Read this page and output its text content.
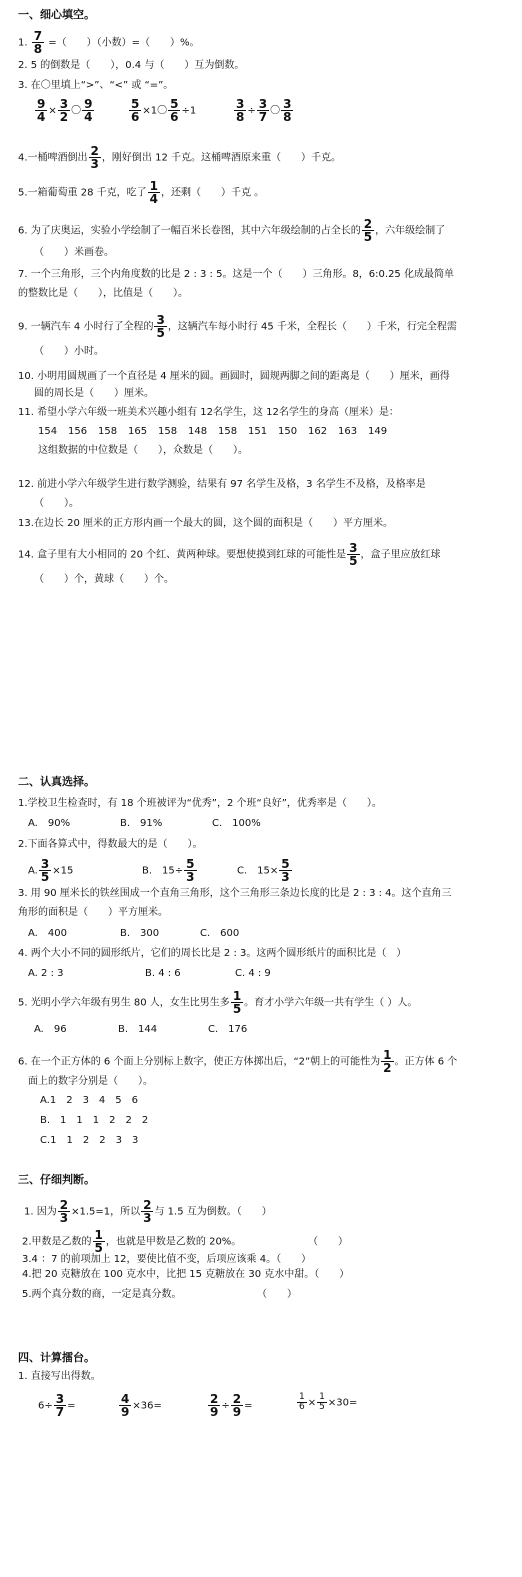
一、细心填空。
1. $\frac{7}{8}$ =（　　）（小数）=（　　）%。
2. 5 的倒数是（　　），0.4 与（　　）互为倒数。
3. 在〇里填上“>”、“<” 或 “=”。
$\frac{9}{4} \times \frac{3}{2}$ 〇 $\frac{9}{4}$	$\frac{5}{6} \times 1$〇 $\frac{5}{6} \div 1$	$\frac{3}{8} \div \frac{3}{7}$ 〇 $\frac{3}{8}$
4.一桶啤酒倒出 $\frac{2}{3}$ ，刚好倒出 12 千克。这桶啤酒原来重（　　）千克。
5.一箱葡萄重 28 千克，吃了 $\frac{1}{4}$ ，还剩（　　）千克 。
6. 为了庆奥运，实验小学绘制了一幅百米长卷图，其中六年级绘制的占全长的 $\frac{2}{5}$ ，六年级绘制了
（　　）米画卷。
7. 一个三角形，三个内角度数的比是 2 : 3 : 5。这是一个（　　）三角形。8，6:0.25 化成最简单
的整数比是（　　），比值是（　　）。
9. 一辆汽车 4 小时行了全程的 $\frac{3}{5}$ ，这辆汽车每小时行 45 千米，全程长（　　）千米，行完全程需
（　　）小时。
10. 小明用圆规画了一个直径是 4 厘米的圆。画圆时，圆规两脚之间的距离是（　　）厘米，画得
圆的周长是（　　）厘米。
11. 希望小学六年级一班美术兴趣小组有 12名学生，这 12名学生的身高（厘米）是：
154 156 158 165 158 148 158 151 150 162 163 149
这组数据的中位数是（　　），众数是（　　）。
12. 前进小学六年级学生进行数学测验，结果有 97 名学生及格，3 名学生不及格，及格率是
（　　）。
13.在边长 20 厘米的正方形内画一个最大的圆，这个圆的面积是（　　）平方厘米。
14. 盒子里有大小相同的 20 个红、黄两种球。要想使摸到红球的可能性是 $\frac{3}{5}$ ，盒子里应放红球
（　　）个，黄球（　　）个。
二、认真选择。
1.学校卫生检查时，有 18 个班被评为“优秀”，2 个班“良好”，优秀率是（　　）。
A.　90%	B.　91%	C.　100%
2.下面各算式中，得数最大的是（　　）。
A. $\frac{3}{5} \times 15$	B.　$15\div \frac{5}{3}$	C.　$15\times \frac{5}{3}$
3. 用 90 厘米长的铁丝围成一个直角三角形，这个三角形三条边长度的比是 2 : 3 : 4。这个直角三
角形的面积是（　　）平方厘米。
A.　400	B.　300	C.　600
4. 两个大小不同的圆形纸片，它们的周长比是 2 : 3。这两个圆形纸片的面积比是（　）
A. 2 : 3	B. 4 : 6	C. 4 : 9
5. 光明小学六年级有男生 80 人，女生比男生多 $\frac{1}{5}$ 。育才小学六年级一共有学生（ ）人。
A.　96	B.　144	C.　176
6. 在一个正方体的 6 个面上分别标上数字，使正方体掷出后，“2”朝上的可能性为 $\frac{1}{2}$ 。正方体 6 个
面上的数字分别是（　　）。
A.1　2　3　4　5　6
B.　1　1　1　2　2　2
C.1　1　2　2　3　3
三、仔细判断。
1. 因为 $\frac{2}{3} \times 1.5=1$，所以 $\frac{2}{3}$ 与 1.5 互为倒数。（　　）
2.甲数是乙数的 $\frac{1}{5}$ ，也就是甲数是乙数的 20%。	（　　）
3.4 ：7 的前项加上 12，要使比值不变，后项应该乘 4。（　　）
4.把 20 克糖放在 100 克水中，比把 15 克糖放在 30 克水中甜。（　　）
5.两个真分数的商，一定是真分数。	（　　）
四、计算擂台。
1. 直接写出得数。
$6\div \frac{3}{7}$ =	$\frac{4}{9} \times 36=$	$\frac{2}{9} \div \frac{2}{9}$ =	$\frac{1}{6} \times \frac{1}{5} \times 30=$
